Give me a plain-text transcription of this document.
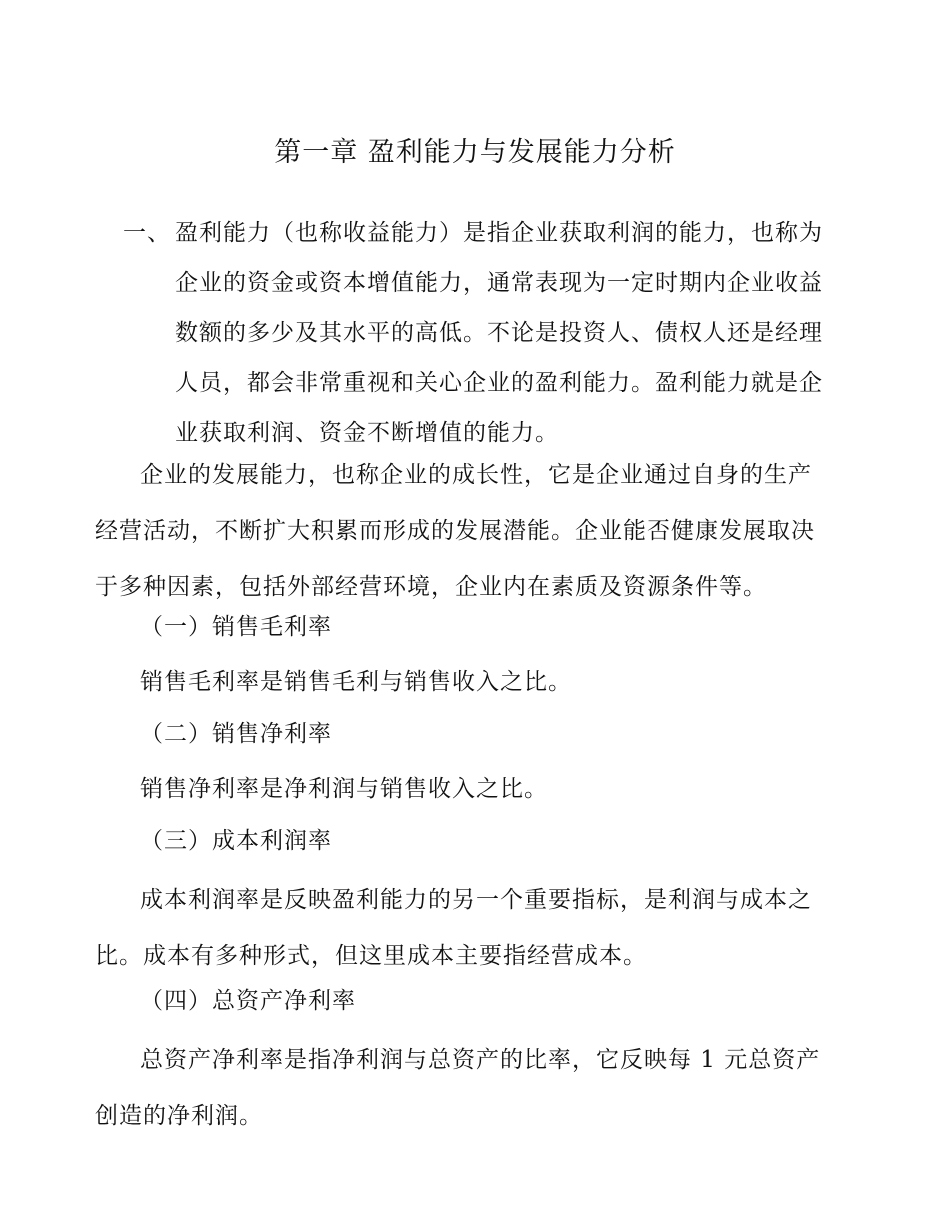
第一章 盈利能力与发展能力分析
一、 盈利能力（也称收益能力）是指企业获取利润的能力，也称为
企业的资金或资本增值能力，通常表现为一定时期内企业收益
数额的多少及其水平的高低。不论是投资人、债权人还是经理
人员，都会非常重视和关心企业的盈利能力。盈利能力就是企
业获取利润、资金不断增值的能力。
企业的发展能力，也称企业的成长性，它是企业通过自身的生产
经营活动，不断扩大积累而形成的发展潜能。企业能否健康发展取决
于多种因素，包括外部经营环境，企业内在素质及资源条件等。
（一）销售毛利率
销售毛利率是销售毛利与销售收入之比。
（二）销售净利率
销售净利率是净利润与销售收入之比。
（三）成本利润率
成本利润率是反映盈利能力的另一个重要指标，是利润与成本之
比。成本有多种形式，但这里成本主要指经营成本。
（四）总资产净利率
总资产净利率是指净利润与总资产的比率，它反映每 1 元总资产
创造的净利润。
